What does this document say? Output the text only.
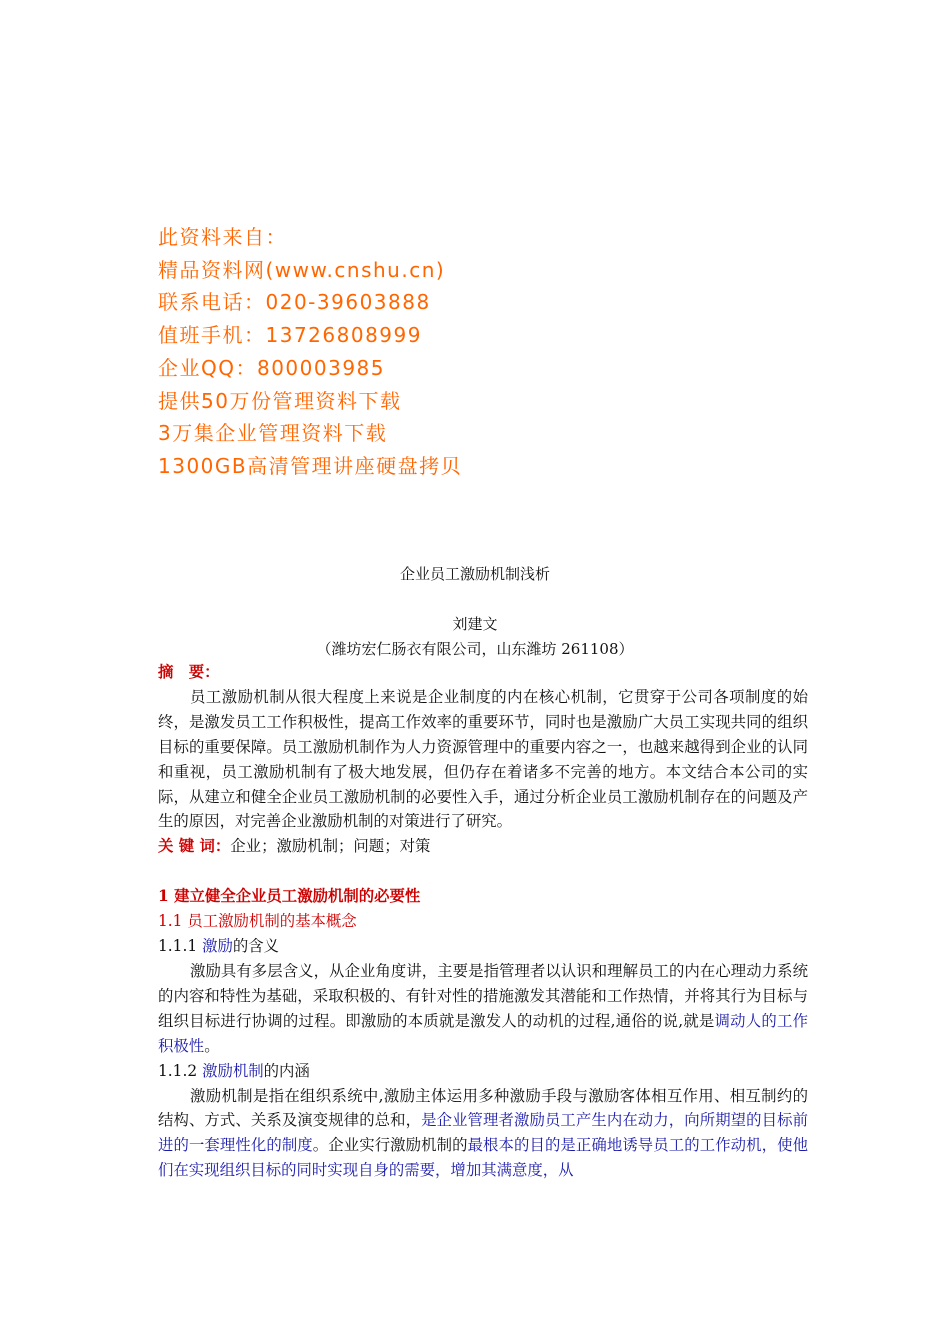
此资料来自：
精品资料网(www.cnshu.cn)
联系电话：020-39603888
值班手机：13726808999
企业QQ：800003985
提供50万份管理资料下载
3万集企业管理资料下载
1300GB高清管理讲座硬盘拷贝
企业员工激励机制浅析
刘建文
（潍坊宏仁肠衣有限公司，山东潍坊 261108）
摘　要：

员工激励机制从很大程度上来说是企业制度的内在核心机制，它贯穿于公司各项制度的始终，是激发员工工作积极性，提高工作效率的重要环节，同时也是激励广大员工实现共同的组织目标的重要保障。员工激励机制作为人力资源管理中的重要内容之一，也越来越得到企业的认同和重视，员工激励机制有了极大地发展，但仍存在着诸多不完善的地方。本文结合本公司的实际，从建立和健全企业员工激励机制的必要性入手，通过分析企业员工激励机制存在的问题及产生的原因，对完善企业激励机制的对策进行了研究。

关 键 词：企业；激励机制；问题；对策
1 建立健全企业员工激励机制的必要性
1.1 员工激励机制的基本概念
1.1.1 激励的含义

激励具有多层含义，从企业角度讲，主要是指管理者以认识和理解员工的内在心理动力系统的内容和特性为基础，采取积极的、有针对性的措施激发其潜能和工作热情，并将其行为目标与组织目标进行协调的过程。即激励的本质就是激发人的动机的过程,通俗的说,就是调动人的工作积极性。

1.1.2 激励机制的内涵

激励机制是指在组织系统中,激励主体运用多种激励手段与激励客体相互作用、相互制约的结构、方式、关系及演变规律的总和，是企业管理者激励员工产生内在动力，向所期望的目标前进的一套理性化的制度。企业实行激励机制的最根本的目的是正确地诱导员工的工作动机，使他们在实现组织目标的同时实现自身的需要，增加其满意度，从
